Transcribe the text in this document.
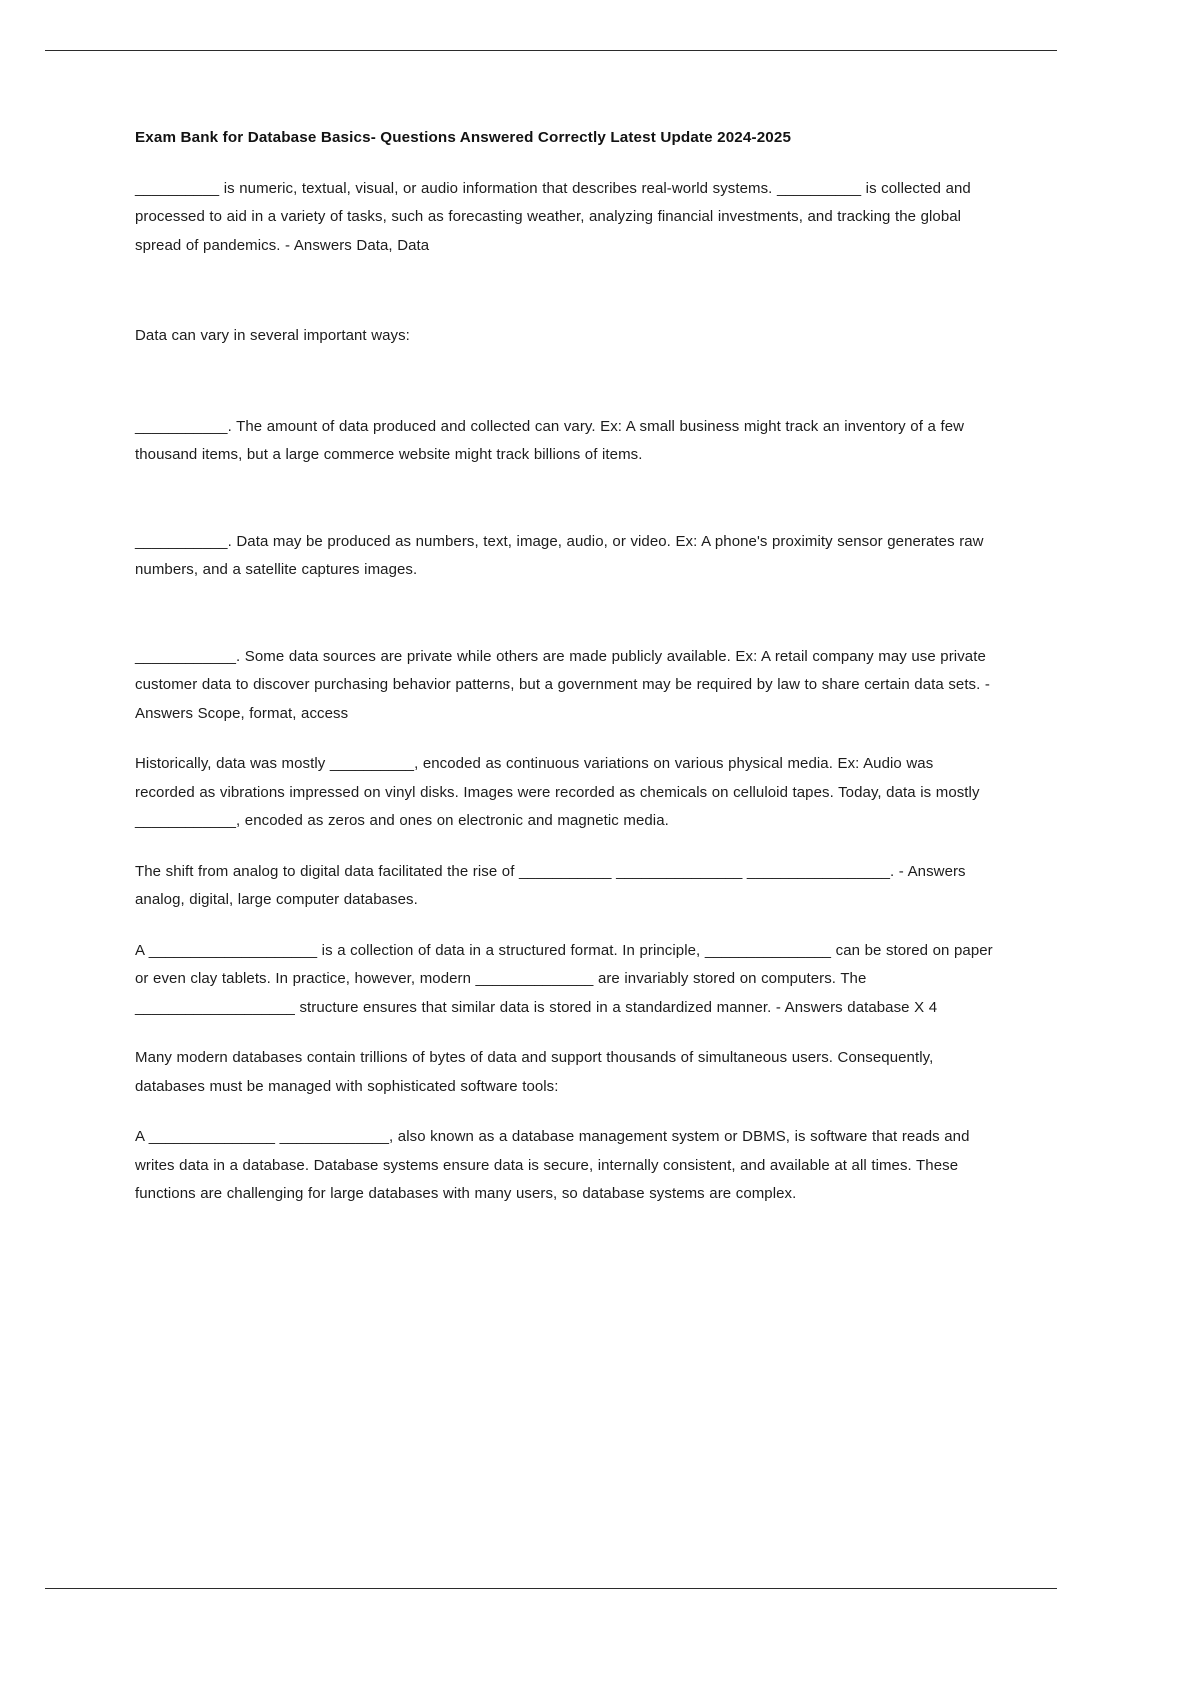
Exam Bank for Database Basics- Questions Answered Correctly Latest Update 2024-2025

__________ is numeric, textual, visual, or audio information that describes real-world systems. __________ is collected and processed to aid in a variety of tasks, such as forecasting weather, analyzing financial investments, and tracking the global spread of pandemics. - Answers Data, Data

Data can vary in several important ways:

___________. The amount of data produced and collected can vary. Ex: A small business might track an inventory of a few thousand items, but a large commerce website might track billions of items.

___________. Data may be produced as numbers, text, image, audio, or video. Ex: A phone's proximity sensor generates raw numbers, and a satellite captures images.

____________. Some data sources are private while others are made publicly available. Ex: A retail company may use private customer data to discover purchasing behavior patterns, but a government may be required by law to share certain data sets. - Answers Scope, format, access

Historically, data was mostly __________, encoded as continuous variations on various physical media. Ex: Audio was recorded as vibrations impressed on vinyl disks. Images were recorded as chemicals on celluloid tapes. Today, data is mostly ____________, encoded as zeros and ones on electronic and magnetic media.

The shift from analog to digital data facilitated the rise of ___________ _______________ _________________. - Answers analog, digital, large computer databases.

A ____________________ is a collection of data in a structured format. In principle, _______________ can be stored on paper or even clay tablets. In practice, however, modern ______________ are invariably stored on computers. The ___________________ structure ensures that similar data is stored in a standardized manner. - Answers database X 4

Many modern databases contain trillions of bytes of data and support thousands of simultaneous users. Consequently, databases must be managed with sophisticated software tools:

A _______________ _____________, also known as a database management system or DBMS, is software that reads and writes data in a database. Database systems ensure data is secure, internally consistent, and available at all times. These functions are challenging for large databases with many users, so database systems are complex.
